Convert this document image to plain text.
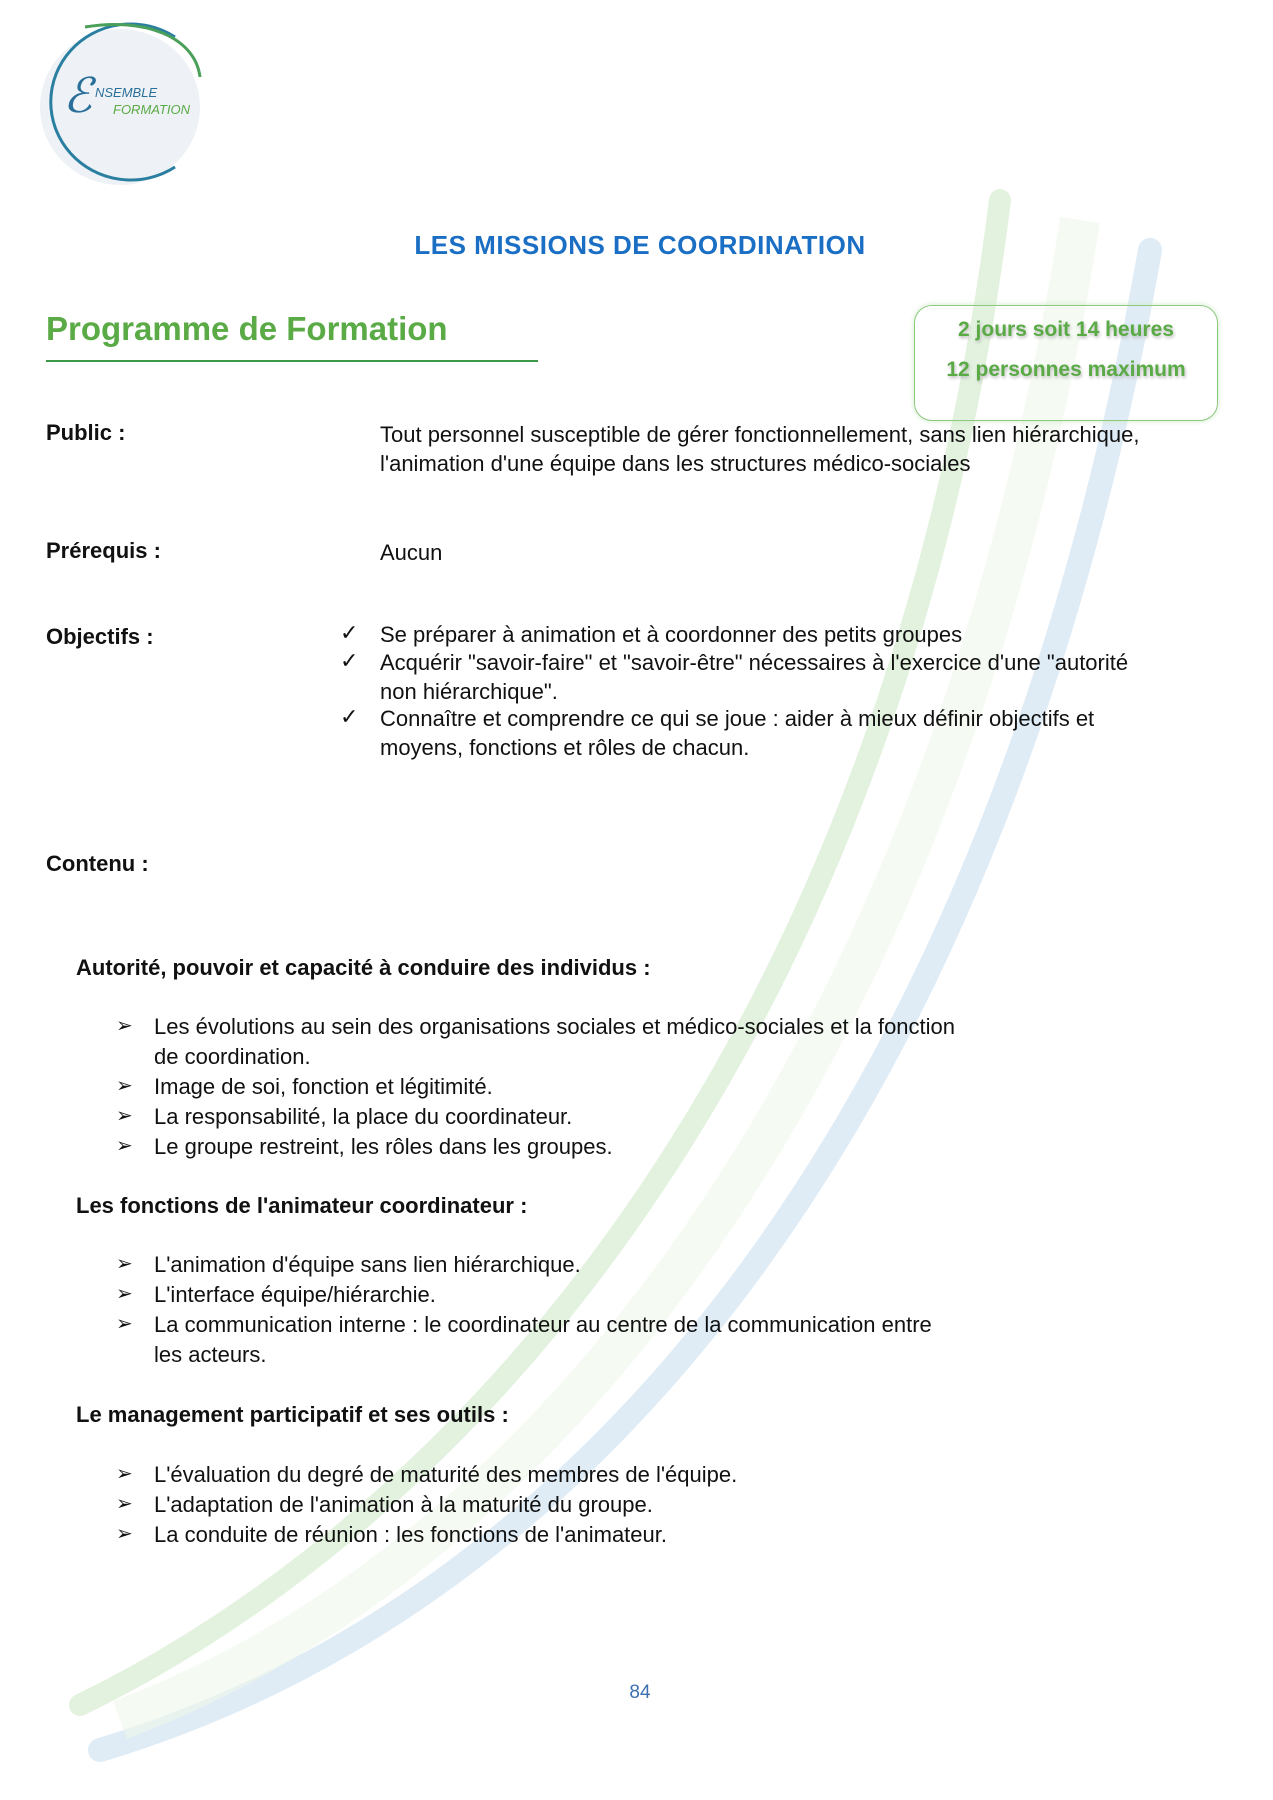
ℰ NSEMBLE
FORMATION
LES MISSIONS DE COORDINATION
Programme de Formation	2 jours soit 14 heures
12 personnes maximum
Public :	Tout personnel susceptible de gérer fonctionnellement, sans lien hiérarchique,
l'animation d'une équipe dans les structures médico-sociales
Prérequis :	Aucun
Objectifs :	✓ Se préparer à animation et à coordonner des petits groupes
✓ Acquérir "savoir-faire" et "savoir-être" nécessaires à l'exercice d'une "autorité
non hiérarchique".
✓ Connaître et comprendre ce qui se joue : aider à mieux définir objectifs et
moyens, fonctions et rôles de chacun.
Contenu :
Autorité, pouvoir et capacité à conduire des individus :
➢ Les évolutions au sein des organisations sociales et médico-sociales et la fonction
de coordination.
➢ Image de soi, fonction et légitimité.
➢ La responsabilité, la place du coordinateur.
➢ Le groupe restreint, les rôles dans les groupes.
Les fonctions de l'animateur coordinateur :
➢ L'animation d'équipe sans lien hiérarchique.
➢ L'interface équipe/hiérarchie.
➢ La communication interne : le coordinateur au centre de la communication entre
les acteurs.
Le management participatif et ses outils :
➢ L'évaluation du degré de maturité des membres de l'équipe.
➢ L'adaptation de l'animation à la maturité du groupe.
➢ La conduite de réunion : les fonctions de l'animateur.
84
